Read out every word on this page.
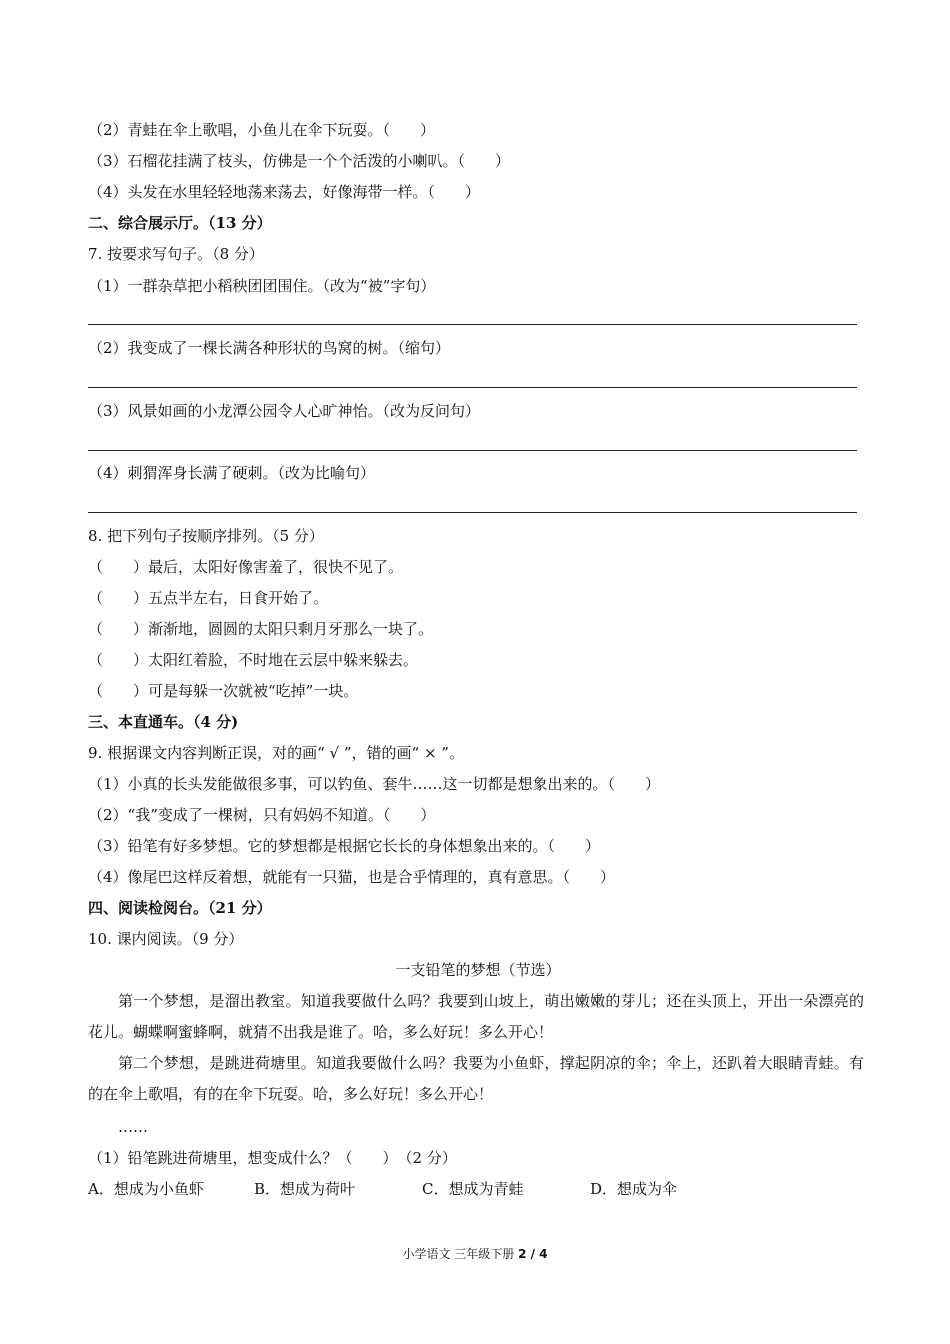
（2）青蛙在伞上歌唱，小鱼儿在伞下玩耍。（　　）
（3）石榴花挂满了枝头，仿佛是一个个活泼的小喇叭。（　　）
（4）头发在水里轻轻地荡来荡去，好像海带一样。（　　）
二、综合展示厅。（13 分）
7. 按要求写句子。（8 分）
（1）一群杂草把小稻秧团团围住。（改为“被”字句）
（2）我变成了一棵长满各种形状的鸟窝的树。（缩句）
（3）风景如画的小龙潭公园令人心旷神怡。（改为反问句）
（4）刺猬浑身长满了硬刺。（改为比喻句）
8. 把下列句子按顺序排列。（5 分）
（　　）最后，太阳好像害羞了，很快不见了。
（　　）五点半左右，日食开始了。
（　　）渐渐地，圆圆的太阳只剩月牙那么一块了。
（　　）太阳红着脸，不时地在云层中躲来躲去。
（　　）可是每躲一次就被“吃掉”一块。
三、本直通车。（4 分)
9. 根据课文内容判断正误，对的画“ √ ”，错的画“ × ”。
（1）小真的长头发能做很多事，可以钓鱼、套牛……这一切都是想象出来的。（　　）
（2）“我”变成了一棵树，只有妈妈不知道。（　　）
（3）铅笔有好多梦想。它的梦想都是根据它长长的身体想象出来的。（　　）
（4）像尾巴这样反着想，就能有一只猫，也是合乎情理的，真有意思。（　　）
四、阅读检阅台。（21 分）
10. 课内阅读。（9 分）
一支铅笔的梦想（节选）
第一个梦想，是溜出教室。知道我要做什么吗？我要到山坡上，萌出嫩嫩的芽儿；还在头顶上，开出一朵漂亮的花儿。蝴蝶啊蜜蜂啊，就猜不出我是谁了。哈，多么好玩！多么开心！
第二个梦想，是跳进荷塘里。知道我要做什么吗？我要为小鱼虾，撑起阴凉的伞；伞上，还趴着大眼睛青蛙。有的在伞上歌唱，有的在伞下玩耍。哈，多么好玩！多么开心！
……
（1）铅笔跳进荷塘里，想变成什么？（　　）　（2 分）
A．想成为小鱼虾	B．想成为荷叶	C．想成为青蛙	D．想成为伞
小学语文 三年级下册 2 / 4
